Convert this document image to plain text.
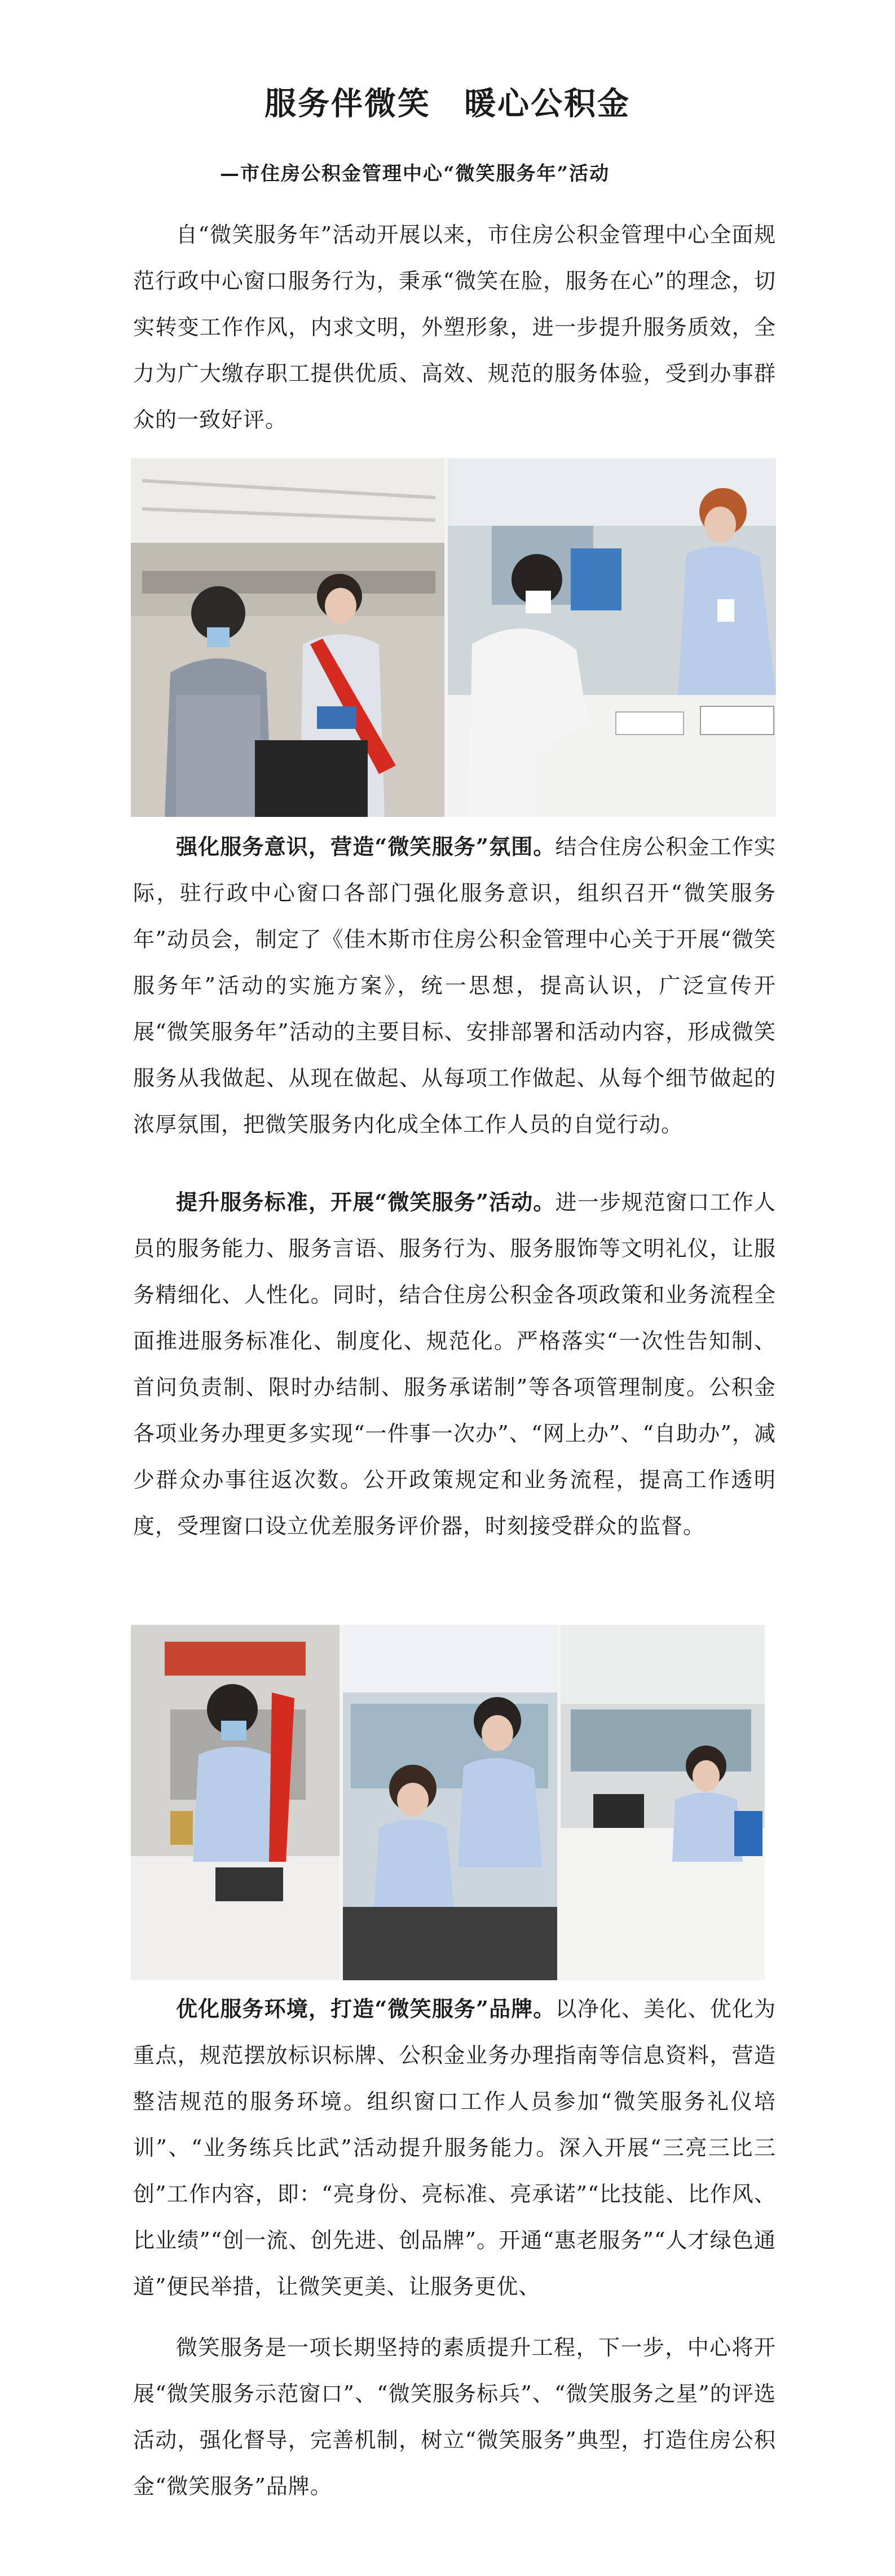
服务伴微笑　暖心公积金
—市住房公积金管理中心“微笑服务年”活动

自“微笑服务年”活动开展以来，市住房公积金管理中心全面规范行政中心窗口服务行为，秉承“微笑在脸，服务在心”的理念，切实转变工作作风，内求文明，外塑形象，进一步提升服务质效，全力为广大缴存职工提供优质、高效、规范的服务体验，受到办事群众的一致好评。

强化服务意识，营造“微笑服务”氛围。结合住房公积金工作实际，驻行政中心窗口各部门强化服务意识，组织召开“微笑服务年”动员会，制定了《佳木斯市住房公积金管理中心关于开展“微笑服务年”活动的实施方案》，统一思想，提高认识，广泛宣传开展“微笑服务年”活动的主要目标、安排部署和活动内容，形成微笑服务从我做起、从现在做起、从每项工作做起、从每个细节做起的浓厚氛围，把微笑服务内化成全体工作人员的自觉行动。

提升服务标准，开展“微笑服务”活动。进一步规范窗口工作人员的服务能力、服务言语、服务行为、服务服饰等文明礼仪，让服务精细化、人性化。同时，结合住房公积金各项政策和业务流程全面推进服务标准化、制度化、规范化。严格落实“一次性告知制、首问负责制、限时办结制、服务承诺制”等各项管理制度。公积金各项业务办理更多实现“一件事一次办”、“网上办”、“自助办”，减少群众办事往返次数。公开政策规定和业务流程，提高工作透明度，受理窗口设立优差服务评价器，时刻接受群众的监督。

优化服务环境，打造“微笑服务”品牌。以净化、美化、优化为重点，规范摆放标识标牌、公积金业务办理指南等信息资料，营造整洁规范的服务环境。组织窗口工作人员参加“微笑服务礼仪培训”、“业务练兵比武”活动提升服务能力。深入开展“三亮三比三创”工作内容，即：“亮身份、亮标准、亮承诺”“比技能、比作风、比业绩”“创一流、创先进、创品牌”。开通“惠老服务”“人才绿色通道”便民举措，让微笑更美、让服务更优、

微笑服务是一项长期坚持的素质提升工程，下一步，中心将开展“微笑服务示范窗口”、“微笑服务标兵”、“微笑服务之星”的评选活动，强化督导，完善机制，树立“微笑服务”典型，打造住房公积金“微笑服务”品牌。
